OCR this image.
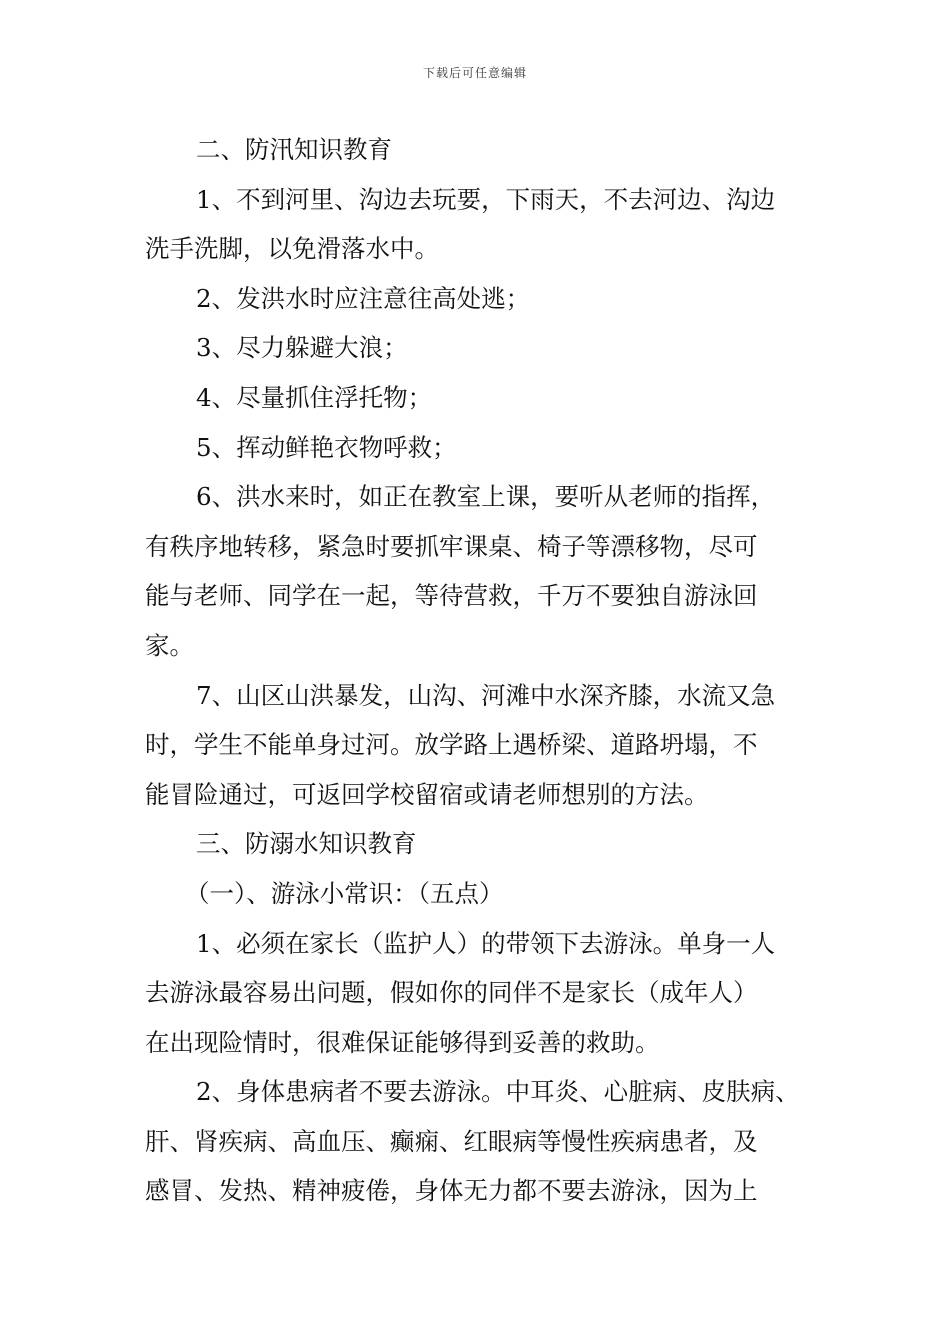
下载后可任意编辑
二、防汛知识教育
1、不到河里、沟边去玩要，下雨天，不去河边、沟边
洗手洗脚，以免滑落水中。
2、发洪水时应注意往高处逃；
3、尽力躲避大浪；
4、尽量抓住浮托物；
5、挥动鲜艳衣物呼救；
6、洪水来时，如正在教室上课，要听从老师的指挥，
有秩序地转移，紧急时要抓牢课桌、椅子等漂移物，尽可
能与老师、同学在一起，等待营救，千万不要独自游泳回
家。
7、山区山洪暴发，山沟、河滩中水深齐膝，水流又急
时，学生不能单身过河。放学路上遇桥梁、道路坍塌，不
能冒险通过，可返回学校留宿或请老师想别的方法。
三、防溺水知识教育
（一）、游泳小常识：（五点）
1、必须在家长（监护人）的带领下去游泳。单身一人
去游泳最容易出问题，假如你的同伴不是家长（成年人）
在出现险情时，很难保证能够得到妥善的救助。
2、身体患病者不要去游泳。中耳炎、心脏病、皮肤病、
肝、肾疾病、高血压、癫痫、红眼病等慢性疾病患者，及
感冒、发热、精神疲倦，身体无力都不要去游泳，因为上
